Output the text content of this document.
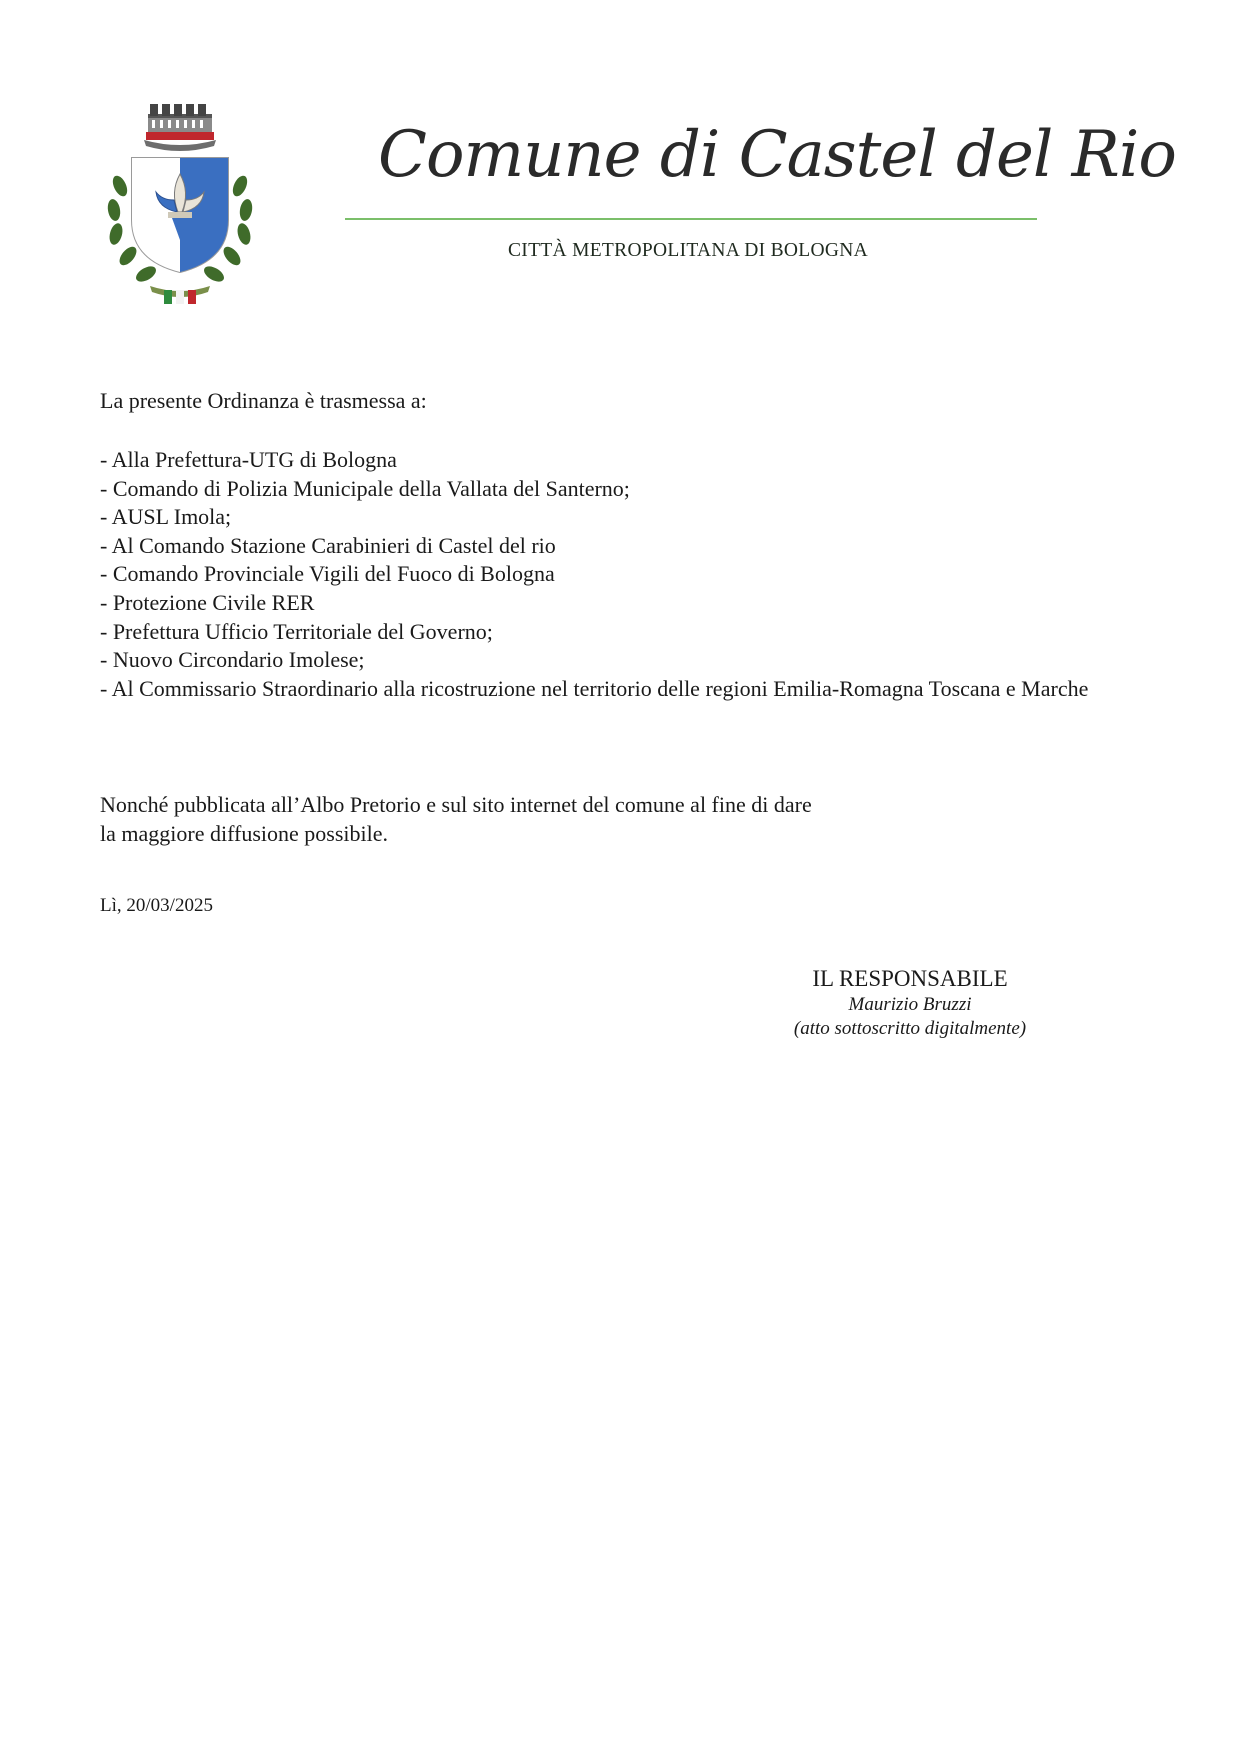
Comune di Castel del Rio
CITTÀ METROPOLITANA DI BOLOGNA
La presente Ordinanza è trasmessa a:
- Alla Prefettura-UTG di Bologna
- Comando di Polizia Municipale della Vallata del Santerno;
- AUSL Imola;
- Al Comando Stazione Carabinieri di Castel del rio
- Comando Provinciale Vigili del Fuoco di Bologna
- Protezione Civile RER
- Prefettura Ufficio Territoriale del Governo;
- Nuovo Circondario Imolese;
- Al Commissario Straordinario alla ricostruzione nel territorio delle regioni Emilia-Romagna Toscana e Marche
Nonché pubblicata all’Albo Pretorio e sul sito internet del comune al fine di dare
la maggiore diffusione possibile.
Lì, 20/03/2025
IL RESPONSABILE
Maurizio Bruzzi
(atto sottoscritto digitalmente)
